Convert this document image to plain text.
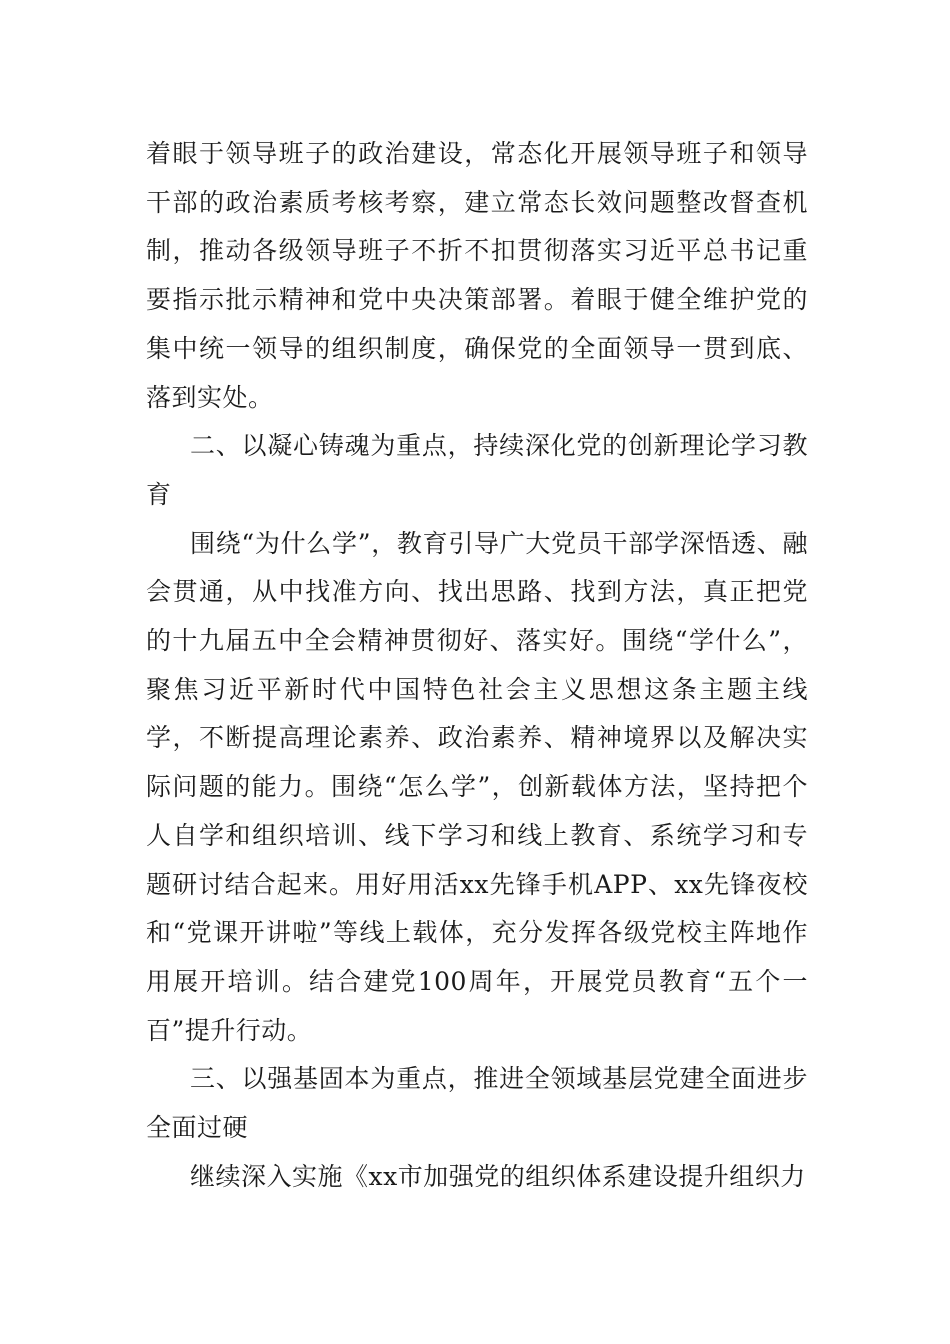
着眼于领导班子的政治建设，常态化开展领导班子和领导干部的政治素质考核考察，建立常态长效问题整改督查机制，推动各级领导班子不折不扣贯彻落实习近平总书记重要指示批示精神和党中央决策部署。着眼于健全维护党的集中统一领导的组织制度，确保党的全面领导一贯到底、落到实处。

二、以凝心铸魂为重点，持续深化党的创新理论学习教育

围绕“为什么学”，教育引导广大党员干部学深悟透、融会贯通，从中找准方向、找出思路、找到方法，真正把党的十九届五中全会精神贯彻好、落实好。围绕“学什么”，聚焦习近平新时代中国特色社会主义思想这条主题主线学，不断提高理论素养、政治素养、精神境界以及解决实际问题的能力。围绕“怎么学”，创新载体方法，坚持把个人自学和组织培训、线下学习和线上教育、系统学习和专题研讨结合起来。用好用活xx先锋手机APP、xx先锋夜校和“党课开讲啦”等线上载体，充分发挥各级党校主阵地作用展开培训。结合建党100周年，开展党员教育“五个一百”提升行动。

三、以强基固本为重点，推进全领域基层党建全面进步全面过硬

继续深入实施《xx市加强党的组织体系建设提升组织力
